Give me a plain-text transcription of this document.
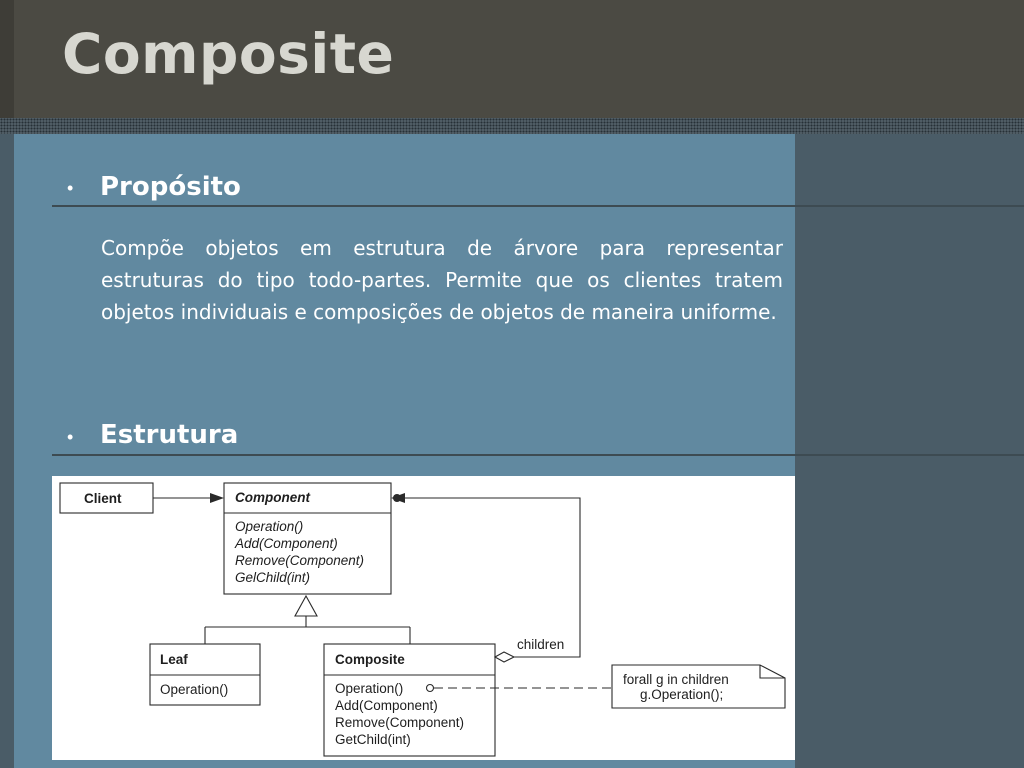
Composite
• Propósito

Compõe objetos em estrutura de árvore para representar estruturas do tipo todo-partes. Permite que os clientes tratem objetos individuais e composições de objetos de maneira uniforme.

• Estrutura
Client	Component
Operation()
Add(Component)
Remove(Component)
GelChild(int)
Leaf
Operation()
Composite
Operation()
Add(Component)
Remove(Component)
GetChild(int)
children
forall g in children
g.Operation();
